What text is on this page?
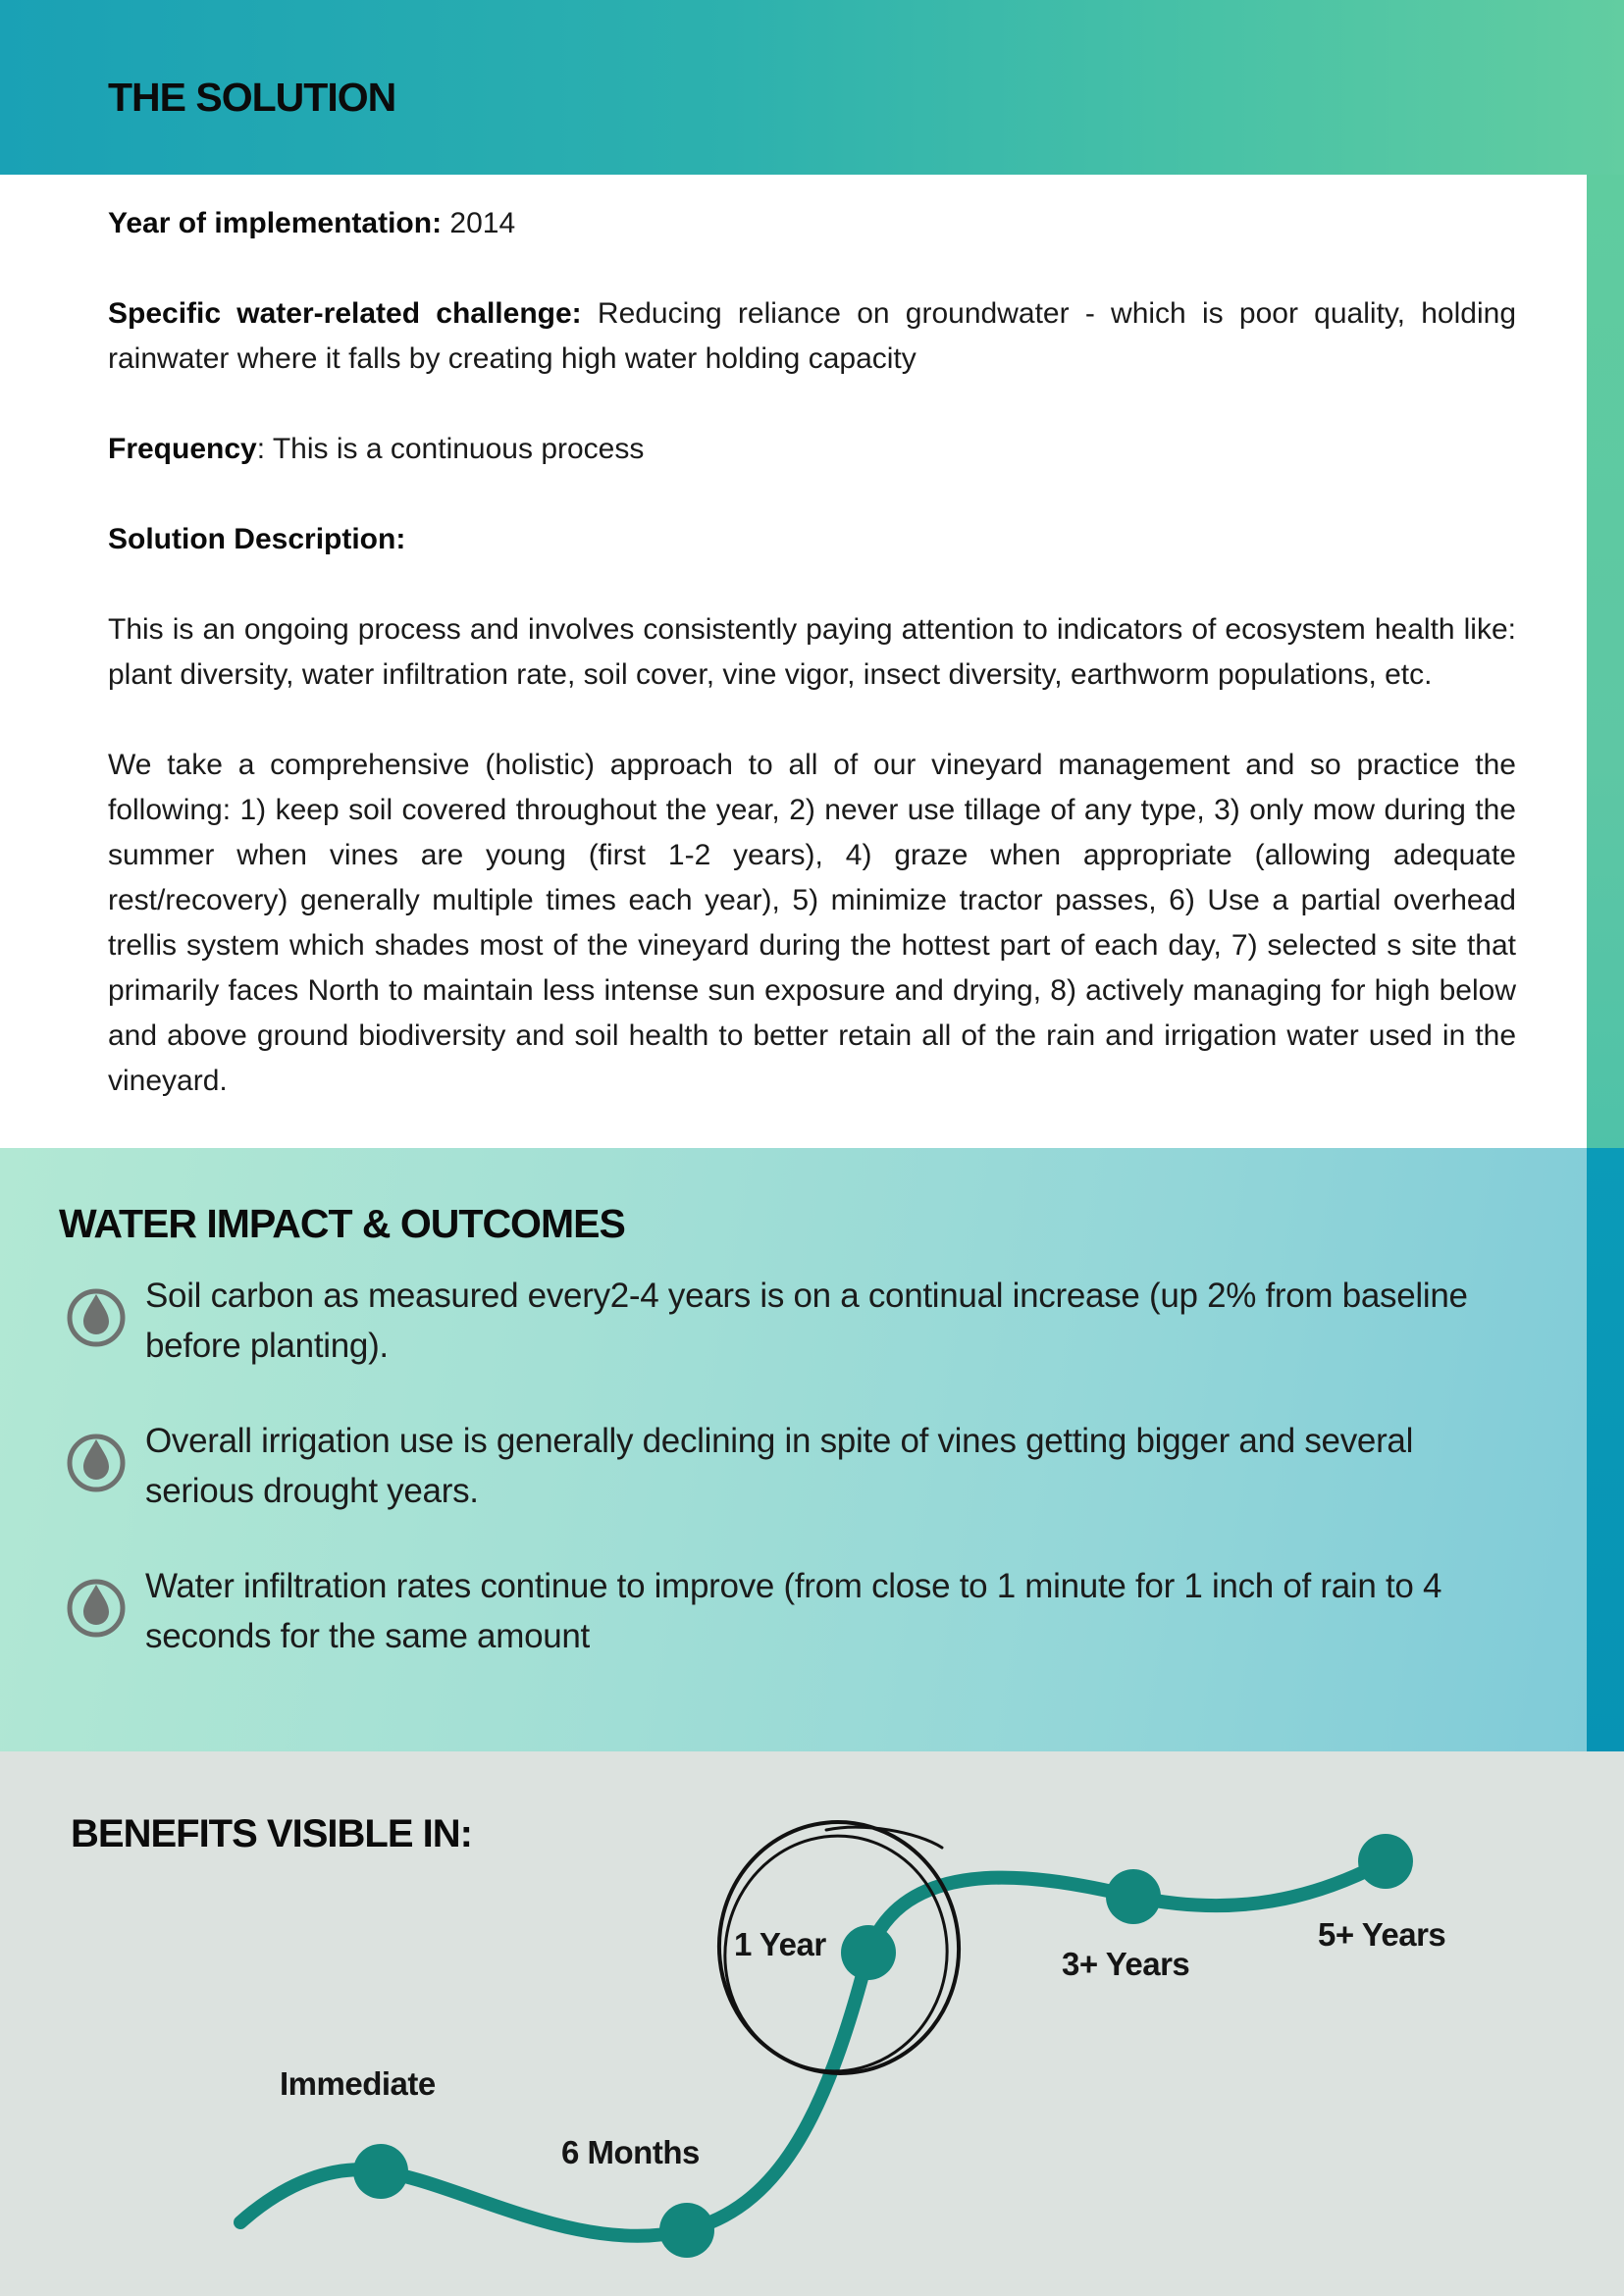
THE SOLUTION

Year of implementation: 2014

Specific water-related challenge: Reducing reliance on groundwater - which is poor quality, holding rainwater where it falls by creating high water holding capacity

Frequency: This is a continuous process

Solution Description:

This is an ongoing process and involves consistently paying attention to indicators of ecosystem health like: plant diversity, water infiltration rate, soil cover, vine vigor, insect diversity, earthworm populations, etc.

We take a comprehensive (holistic) approach to all of our vineyard management and so practice the following: 1) keep soil covered throughout the year, 2) never use tillage of any type, 3) only mow during the summer when vines are young (first 1-2 years), 4) graze when appropriate (allowing adequate rest/recovery) generally multiple times each year), 5) minimize tractor passes, 6) Use a partial overhead trellis system which shades most of the vineyard during the hottest part of each day, 7) selected s site that primarily faces North to maintain less intense sun exposure and drying, 8) actively managing for high below and above ground biodiversity and soil health to better retain all of the rain and irrigation water used in the vineyard.

WATER IMPACT & OUTCOMES
Soil carbon as measured every2-4 years is on a continual increase (up 2% from baseline before planting).
Overall irrigation use is generally declining in spite of vines getting bigger and several serious drought years.
Water infiltration rates continue to improve (from close to 1 minute for 1 inch of rain to 4 seconds for the same amount
BENEFITS VISIBLE IN:
Immediate
6 Months
1 Year
3+ Years
5+ Years
